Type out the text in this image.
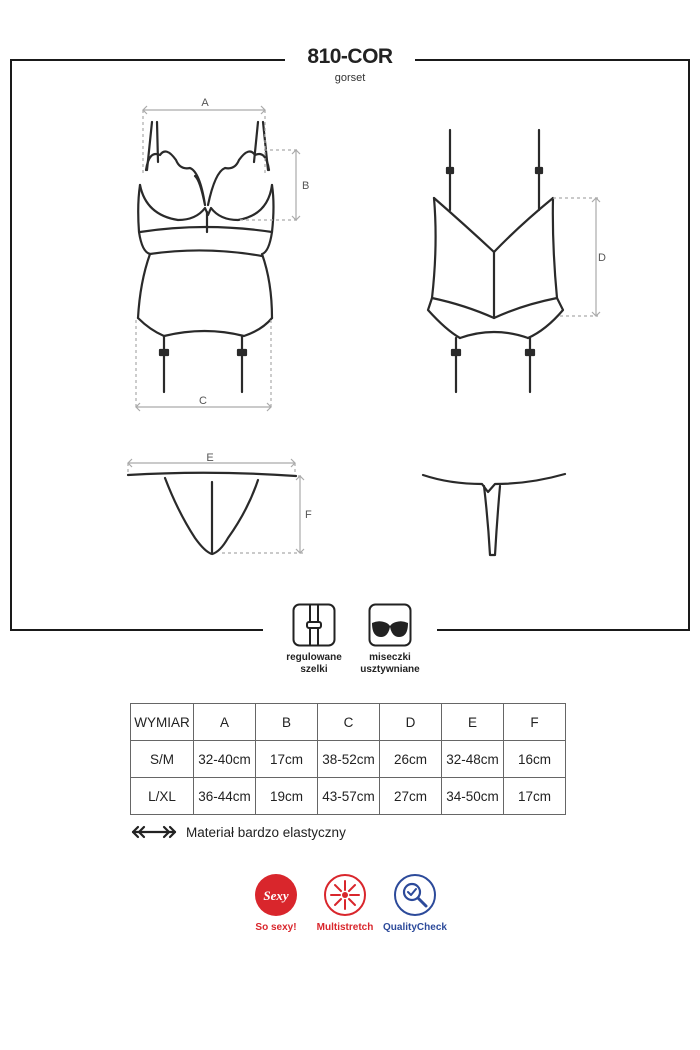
A
B
C
D
E
F
810-COR
gorset
regulowane
szelki
miseczki
usztywniane
WYMIAR	A	B	C	D	E	F
S/M	32-40cm	17cm	38-52cm	26cm	32-48cm	16cm
L/XL	36-44cm	19cm	43-57cm	27cm	34-50cm	17cm
Materiał bardzo elastyczny
Sexy
So sexy!	Multistretch QualityCheck
